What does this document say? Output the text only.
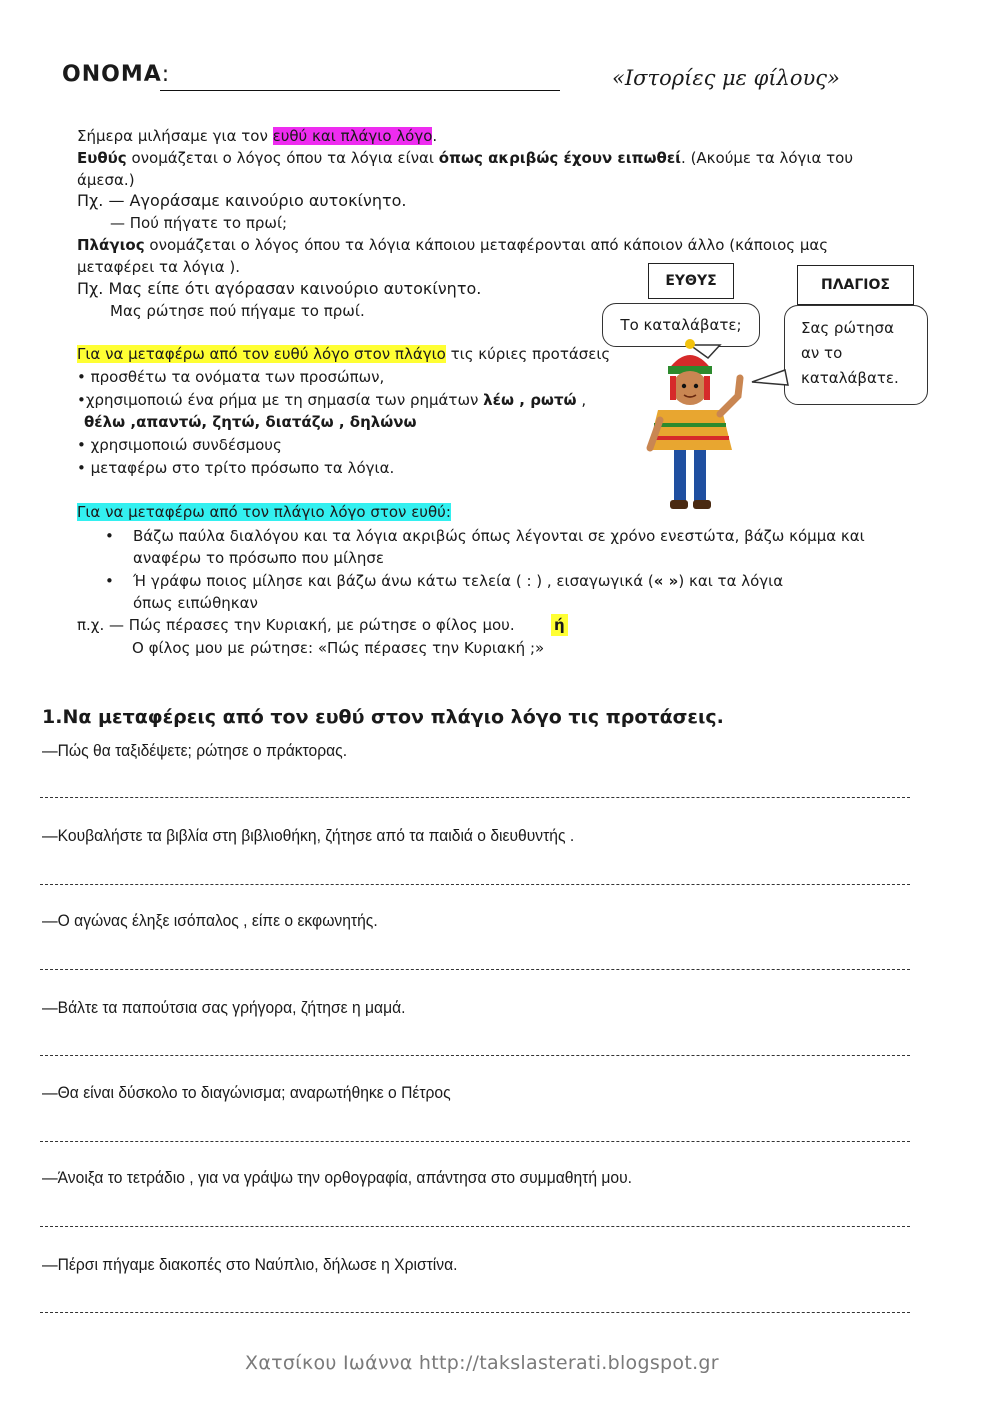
ΟΝΟΜΑ:	«Ιστορίες με φίλους»
Σήμερα μιλήσαμε για τον ευθύ και πλάγιο λόγο.
Ευθύς ονομάζεται ο λόγος όπου τα λόγια είναι όπως ακριβώς έχουν ειπωθεί. (Ακούμε τα λόγια του
άμεσα.)
Πχ. — Αγοράσαμε καινούριο αυτοκίνητο.
— Πού πήγατε το πρωί;
Πλάγιος ονομάζεται ο λόγος όπου τα λόγια κάποιου μεταφέρονται από κάποιον άλλο (κάποιος μας
μεταφέρει τα λόγια ).
Πχ. Μας είπε ότι αγόρασαν καινούριο αυτοκίνητο.
Μας ρώτησε πού πήγαμε το πρωί.
Για να μεταφέρω από τον ευθύ λόγο στον πλάγιο τις κύριες προτάσεις
• προσθέτω τα ονόματα των προσώπων,
•χρησιμοποιώ ένα ρήμα με τη σημασία των ρημάτων λέω , ρωτώ ,
θέλω ,απαντώ, ζητώ, διατάζω , δηλώνω
• χρησιμοποιώ συνδέσμους
• μεταφέρω στο τρίτο πρόσωπο τα λόγια.
Για να μεταφέρω από τον πλάγιο λόγο στον ευθύ:
• Βάζω παύλα διαλόγου και τα λόγια ακριβώς όπως λέγονται σε χρόνο ενεστώτα, βάζω κόμμα και
αναφέρω το πρόσωπο που μίλησε
• Ή γράφω ποιος μίλησε και βάζω άνω κάτω τελεία ( : ) , εισαγωγικά (« ») και τα λόγια
όπως ειπώθηκαν
π.χ. — Πώς πέρασες την Κυριακή, με ρώτησε ο φίλος μου.	ή
Ο φίλος μου με ρώτησε: «Πώς πέρασες την Κυριακή ;»
ΕΥΘΥΣ	ΠΛΑΓΙΟΣ
Το καταλάβατε;	Σας ρώτησα
αν το
καταλάβατε.
1.Να μεταφέρεις από τον ευθύ στον πλάγιο λόγο τις προτάσεις.
—Πώς θα ταξιδέψετε; ρώτησε ο πράκτορας.
—Κουβαλήστε τα βιβλία στη βιβλιοθήκη, ζήτησε από τα παιδιά ο διευθυντής .
—Ο αγώνας έληξε ισόπαλος , είπε ο εκφωνητής.
—Βάλτε τα παπούτσια σας γρήγορα, ζήτησε η μαμά.
—Θα είναι δύσκολο το διαγώνισμα; αναρωτήθηκε ο Πέτρος
—Άνοιξα το τετράδιο , για να γράψω την ορθογραφία, απάντησα στο συμμαθητή μου.
—Πέρσι πήγαμε διακοπές στο Ναύπλιο, δήλωσε η Χριστίνα.
Χατσίκου Ιωάννα http://takslasterati.blogspot.gr
